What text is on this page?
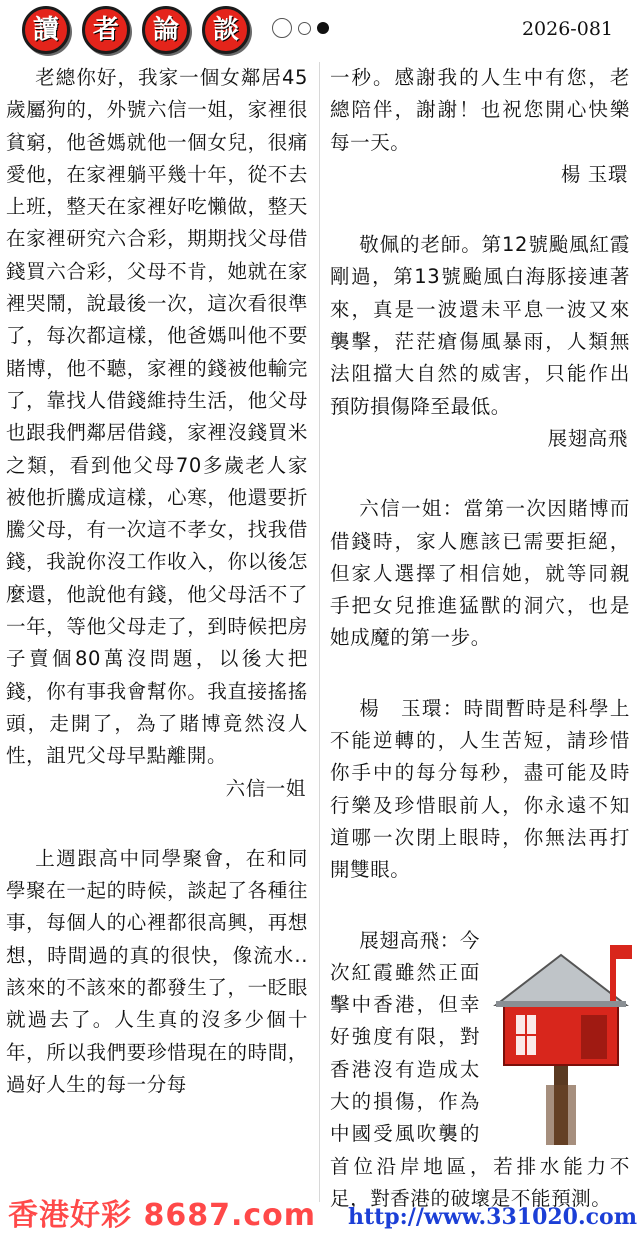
讀 者 論 談	2026-081

老總你好，我家一個女鄰居45歲屬狗的，外號六信一姐，家裡很貧窮，他爸媽就他一個女兒，很痛愛他，在家裡躺平幾十年，從不去上班，整天在家裡好吃懶做，整天在家裡研究六合彩，期期找父母借錢買六合彩，父母不肯，她就在家裡哭鬧，說最後一次，這次看很準了，每次都這樣，他爸媽叫他不要賭博，他不聽，家裡的錢被他輸完了，靠找人借錢維持生活，他父母也跟我們鄰居借錢，家裡沒錢買米之類，看到他父母70多歲老人家被他折騰成這樣，心寒，他還要折騰父母，有一次這不孝女，找我借錢，我說你沒工作收入，你以後怎麼還，他說他有錢，他父母活不了一年，等他父母走了，到時候把房子賣個80萬沒問題，以後大把錢，你有事我會幫你。我直接搖搖頭，走開了，為了賭博竟然沒人性，詛咒父母早點離開。

六信一姐

上週跟高中同學聚會，在和同學聚在一起的時候，談起了各種往事，每個人的心裡都很高興，再想想，時間過的真的很快，像流水..該來的不該來的都發生了，一眨眼就過去了。人生真的沒多少個十年，所以我們要珍惜現在的時間，過好人生的每一分每

一秒。感謝我的人生中有您，老總陪伴，謝謝！也祝您開心快樂每一天。

楊 玉環

敬佩的老師。第12號颱風紅霞剛過，第13號颱風白海豚接連著來，真是一波還未平息一波又來襲擊，茫茫瘡傷風暴雨，人類無法阻擋大自然的威害，只能作出預防損傷降至最低。

展翅高飛

六信一姐：當第一次因賭博而借錢時，家人應該已需要拒絕，但家人選擇了相信她，就等同親手把女兒推進猛獸的洞穴，也是她成魔的第一步。

楊　玉環：時間暫時是科學上不能逆轉的，人生苦短，請珍惜你手中的每分每秒，盡可能及時行樂及珍惜眼前人，你永遠不知道哪一次閉上眼時，你無法再打開雙眼。

展翅高飛：今次紅霞雖然正面擊中香港，但幸好強度有限，對香港沒有造成太大的損傷，作為中國受風吹襲的首位沿岸地區，若排水能力不足，對香港的破壞是不能預測。

香港好彩 8687.com http://www.331020.com
